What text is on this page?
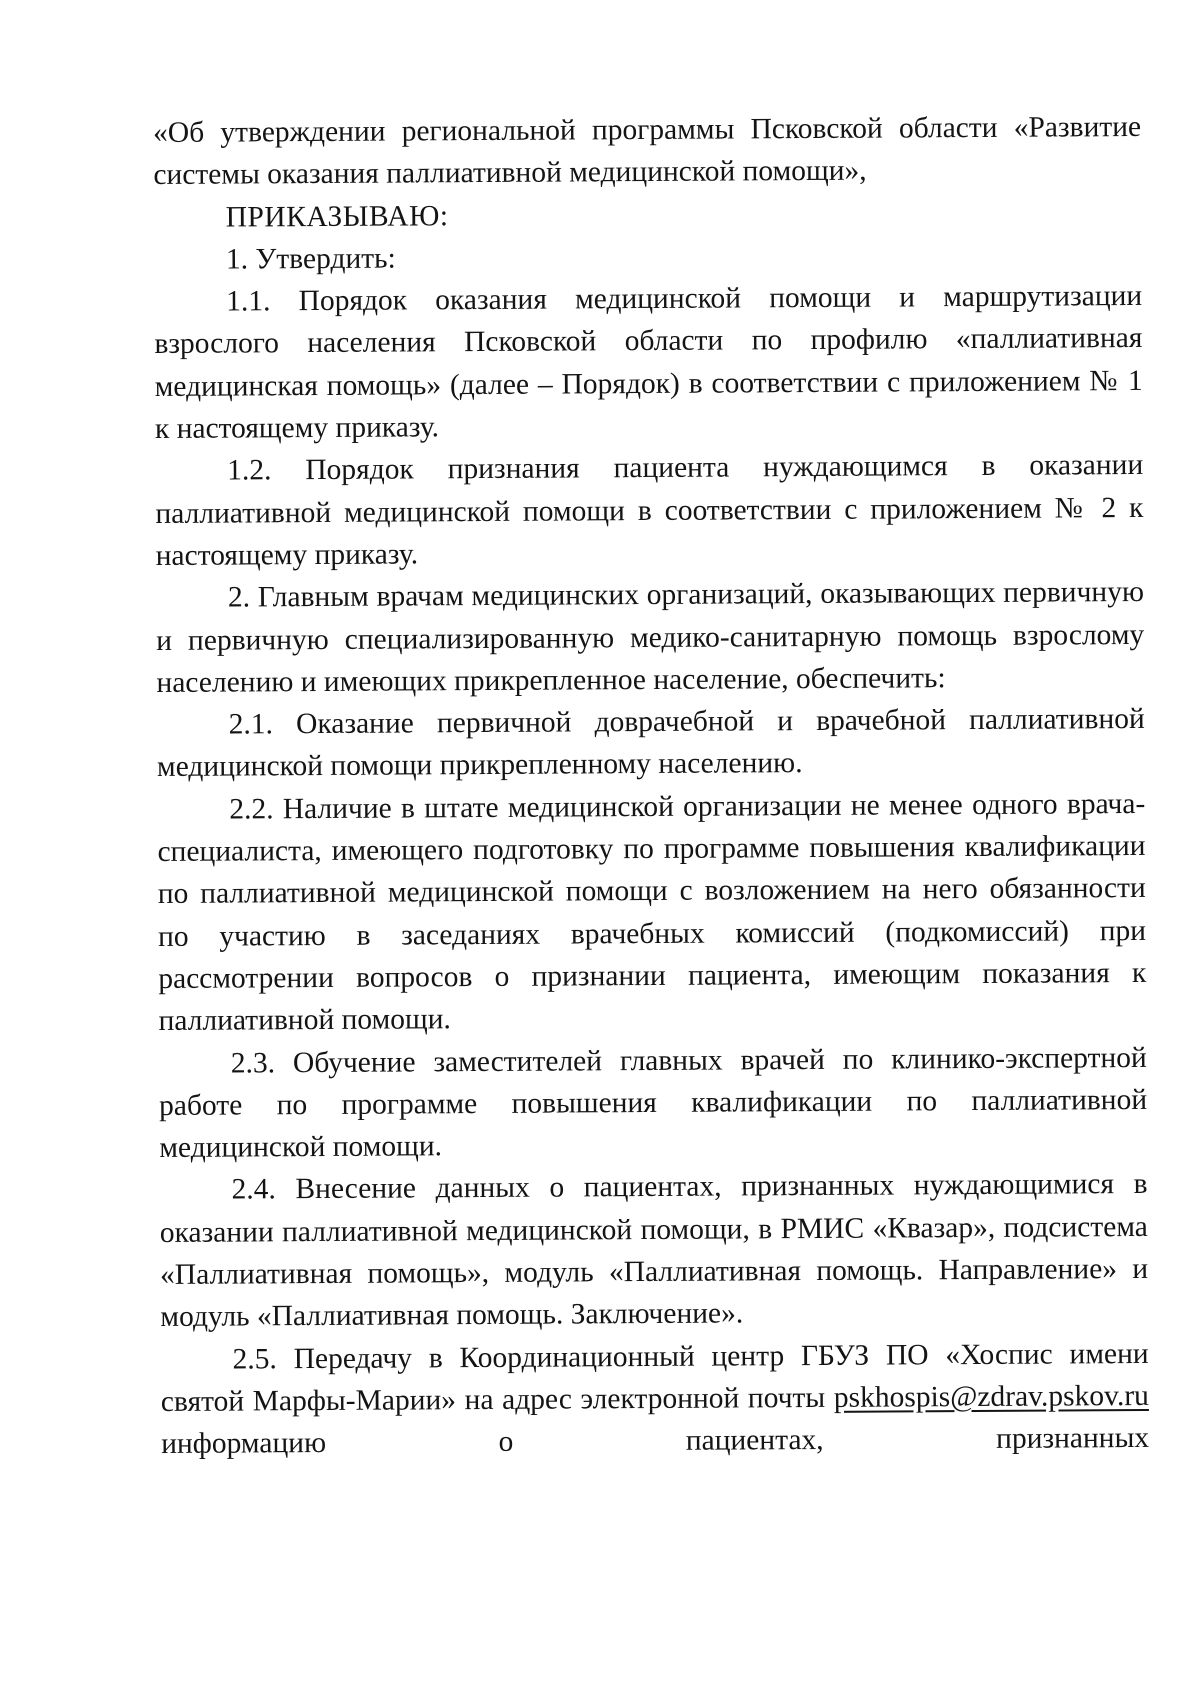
«Об утверждении региональной программы Псковской области «Развитие системы оказания паллиативной медицинской помощи»,

ПРИКАЗЫВАЮ:

1. Утвердить:

1.1. Порядок оказания медицинской помощи и маршрутизации взрослого населения Псковской области по профилю «паллиативная медицинская помощь» (далее – Порядок) в соответствии с приложением № 1 к настоящему приказу.

1.2. Порядок признания пациента нуждающимся в оказании паллиативной медицинской помощи в соответствии с приложением № 2 к настоящему приказу.

2. Главным врачам медицинских организаций, оказывающих первичную и первичную специализированную медико-санитарную помощь взрослому населению и имеющих прикрепленное население, обеспечить:

2.1. Оказание первичной доврачебной и врачебной паллиативной медицинской помощи прикрепленному населению.

2.2. Наличие в штате медицинской организации не менее одного врача-специалиста, имеющего подготовку по программе повышения квалификации по паллиативной медицинской помощи с возложением на него обязанности по участию в заседаниях врачебных комиссий (подкомиссий) при рассмотрении вопросов о признании пациента, имеющим показания к паллиативной помощи.

2.3. Обучение заместителей главных врачей по клинико-экспертной работе по программе повышения квалификации по паллиативной медицинской помощи.

2.4. Внесение данных о пациентах, признанных нуждающимися в оказании паллиативной медицинской помощи, в РМИС «Квазар», подсистема «Паллиативная помощь», модуль «Паллиативная помощь. Направление» и модуль «Паллиативная помощь. Заключение».

2.5. Передачу в Координационный центр ГБУЗ ПО «Хоспис имени святой Марфы-Марии» на адрес электронной почты pskhospis@zdrav.pskov.ru информацию о пациентах, признанных
